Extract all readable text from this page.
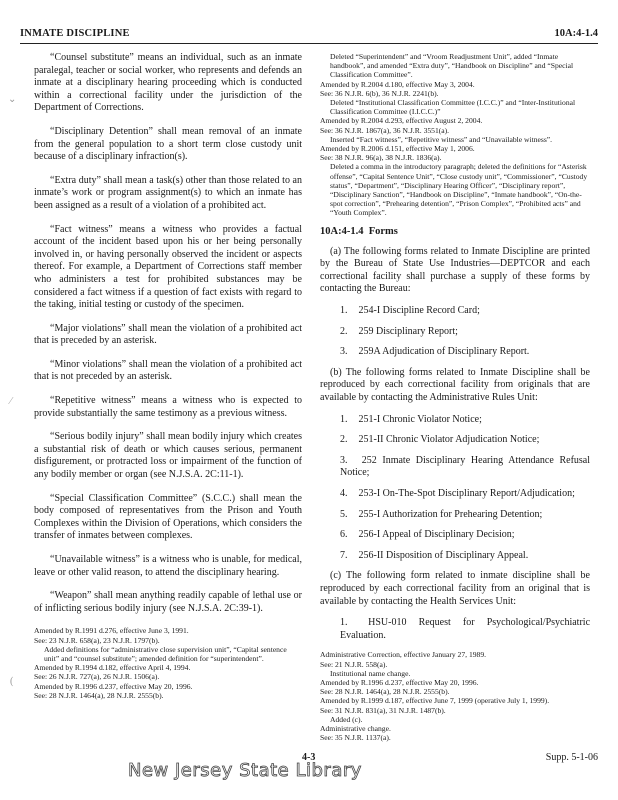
INMATE DISCIPLINE	10A:4-1.4
⌄
⁄
(

“Counsel substitute” means an individual, such as an inmate paralegal, teacher or social worker, who represents and defends an inmate at a disciplinary hearing proceeding which is conducted within a correctional facility under the jurisdiction of the Department of Corrections.

“Disciplinary Detention” shall mean removal of an inmate from the general population to a short term close custody unit because of a disciplinary infraction(s).

“Extra duty” shall mean a task(s) other than those related to an inmate’s work or program assignment(s) to which an inmate has been assigned as a result of a violation of a prohibited act.

“Fact witness” means a witness who provides a factual account of the incident based upon his or her being personally involved in, or having personally observed the incident or aspects thereof. For example, a Department of Corrections staff member who administers a test for prohibited substances may be considered a fact witness if a question of fact exists with regard to the taking, initial testing or custody of the specimen.

“Major violations” shall mean the violation of a prohibited act that is preceded by an asterisk.

“Minor violations” shall mean the violation of a prohibited act that is not preceded by an asterisk.

“Repetitive witness” means a witness who is expected to provide substantially the same testimony as a previous witness.

“Serious bodily injury” shall mean bodily injury which creates a substantial risk of death or which causes serious, permanent disfigurement, or protracted loss or impairment of the function of any bodily member or organ (see N.J.S.A. 2C:11-1).

“Special Classification Committee” (S.C.C.) shall mean the body composed of representatives from the Prison and Youth Complexes within the Division of Operations, which considers the transfer of inmates between complexes.

“Unavailable witness” is a witness who is unable, for medical, leave or other valid reason, to attend the disciplinary hearing.

“Weapon” shall mean anything readily capable of lethal use or of inflicting serious bodily injury (see N.J.S.A. 2C:39-1).

Amended by R.1991 d.276, effective June 3, 1991.

See: 23 N.J.R. 658(a), 23 N.J.R. 1797(b).

Added definitions for “administrative close supervision unit”, “Capital sentence unit” and “counsel substitute”; amended definition for “superintendent”.

Amended by R.1994 d.182, effective April 4, 1994.

See: 26 N.J.R. 727(a), 26 N.J.R. 1506(a).

Amended by R.1996 d.237, effective May 20, 1996.

See: 28 N.J.R. 1464(a), 28 N.J.R. 2555(b).

Deleted “Superintendent” and “Vroom Readjustment Unit”, added “Inmate handbook”, and amended “Extra duty”, “Handbook on Discipline” and “Special Classification Committee”.

Amended by R.2004 d.180, effective May 3, 2004.

See: 36 N.J.R. 6(b), 36 N.J.R. 2241(b).

Deleted “Institutional Classification Committee (I.C.C.)” and “Inter-Institutional Classification Committee (I.I.C.C.)”

Amended by R.2004 d.293, effective August 2, 2004.

See: 36 N.J.R. 1867(a), 36 N.J.R. 3551(a).

Inserted “Fact witness”, “Repetitive witness” and “Unavailable witness”.

Amended by R.2006 d.151, effective May 1, 2006.

See: 38 N.J.R. 96(a), 38 N.J.R. 1836(a).

Deleted a comma in the introductory paragraph; deleted the definitions for “Asterisk offense”, “Capital Sentence Unit”, “Close custody unit”, “Commissioner”, “Custody status”, “Department”, “Disciplinary Hearing Officer”, “Disciplinary report”, “Disciplinary Sanction”, “Handbook on Discipline”, “Inmate handbook”, “On-the-spot correction”, “Prehearing detention”, “Prison Complex”, “Prohibited acts” and “Youth Complex”.

10A:4-1.4 Forms

(a) The following forms related to Inmate Discipline are printed by the Bureau of State Use Industries—DEPTCOR and each correctional facility shall purchase a supply of these forms by contacting the Bureau:

1. 254-I Discipline Record Card;

2. 259 Disciplinary Report;

3. 259A Adjudication of Disciplinary Report.

(b) The following forms related to Inmate Discipline shall be reproduced by each correctional facility from originals that are available by contacting the Administrative Rules Unit:

1. 251-I Chronic Violator Notice;

2. 251-II Chronic Violator Adjudication Notice;

3. 252 Inmate Disciplinary Hearing Attendance Refusal Notice;

4. 253-I On-The-Spot Disciplinary Report/Adjudication;

5. 255-I Authorization for Prehearing Detention;

6. 256-I Appeal of Disciplinary Decision;

7. 256-II Disposition of Disciplinary Appeal.

(c) The following form related to inmate discipline shall be reproduced by each correctional facility from an original that is available by contacting the Health Services Unit:

1. HSU-010 Request for Psychological/Psychiatric Evaluation.

Administrative Correction, effective January 27, 1989.

See: 21 N.J.R. 558(a).

Institutional name change.

Amended by R.1996 d.237, effective May 20, 1996.

See: 28 N.J.R. 1464(a), 28 N.J.R. 2555(b).

Amended by R.1999 d.187, effective June 7, 1999 (operative July 1, 1999).

See: 31 N.J.R. 831(a), 31 N.J.R. 1487(b).

Added (c).

Administrative change.

See: 35 N.J.R. 1137(a).

New Jersey State Library
4-3	Supp. 5-1-06
